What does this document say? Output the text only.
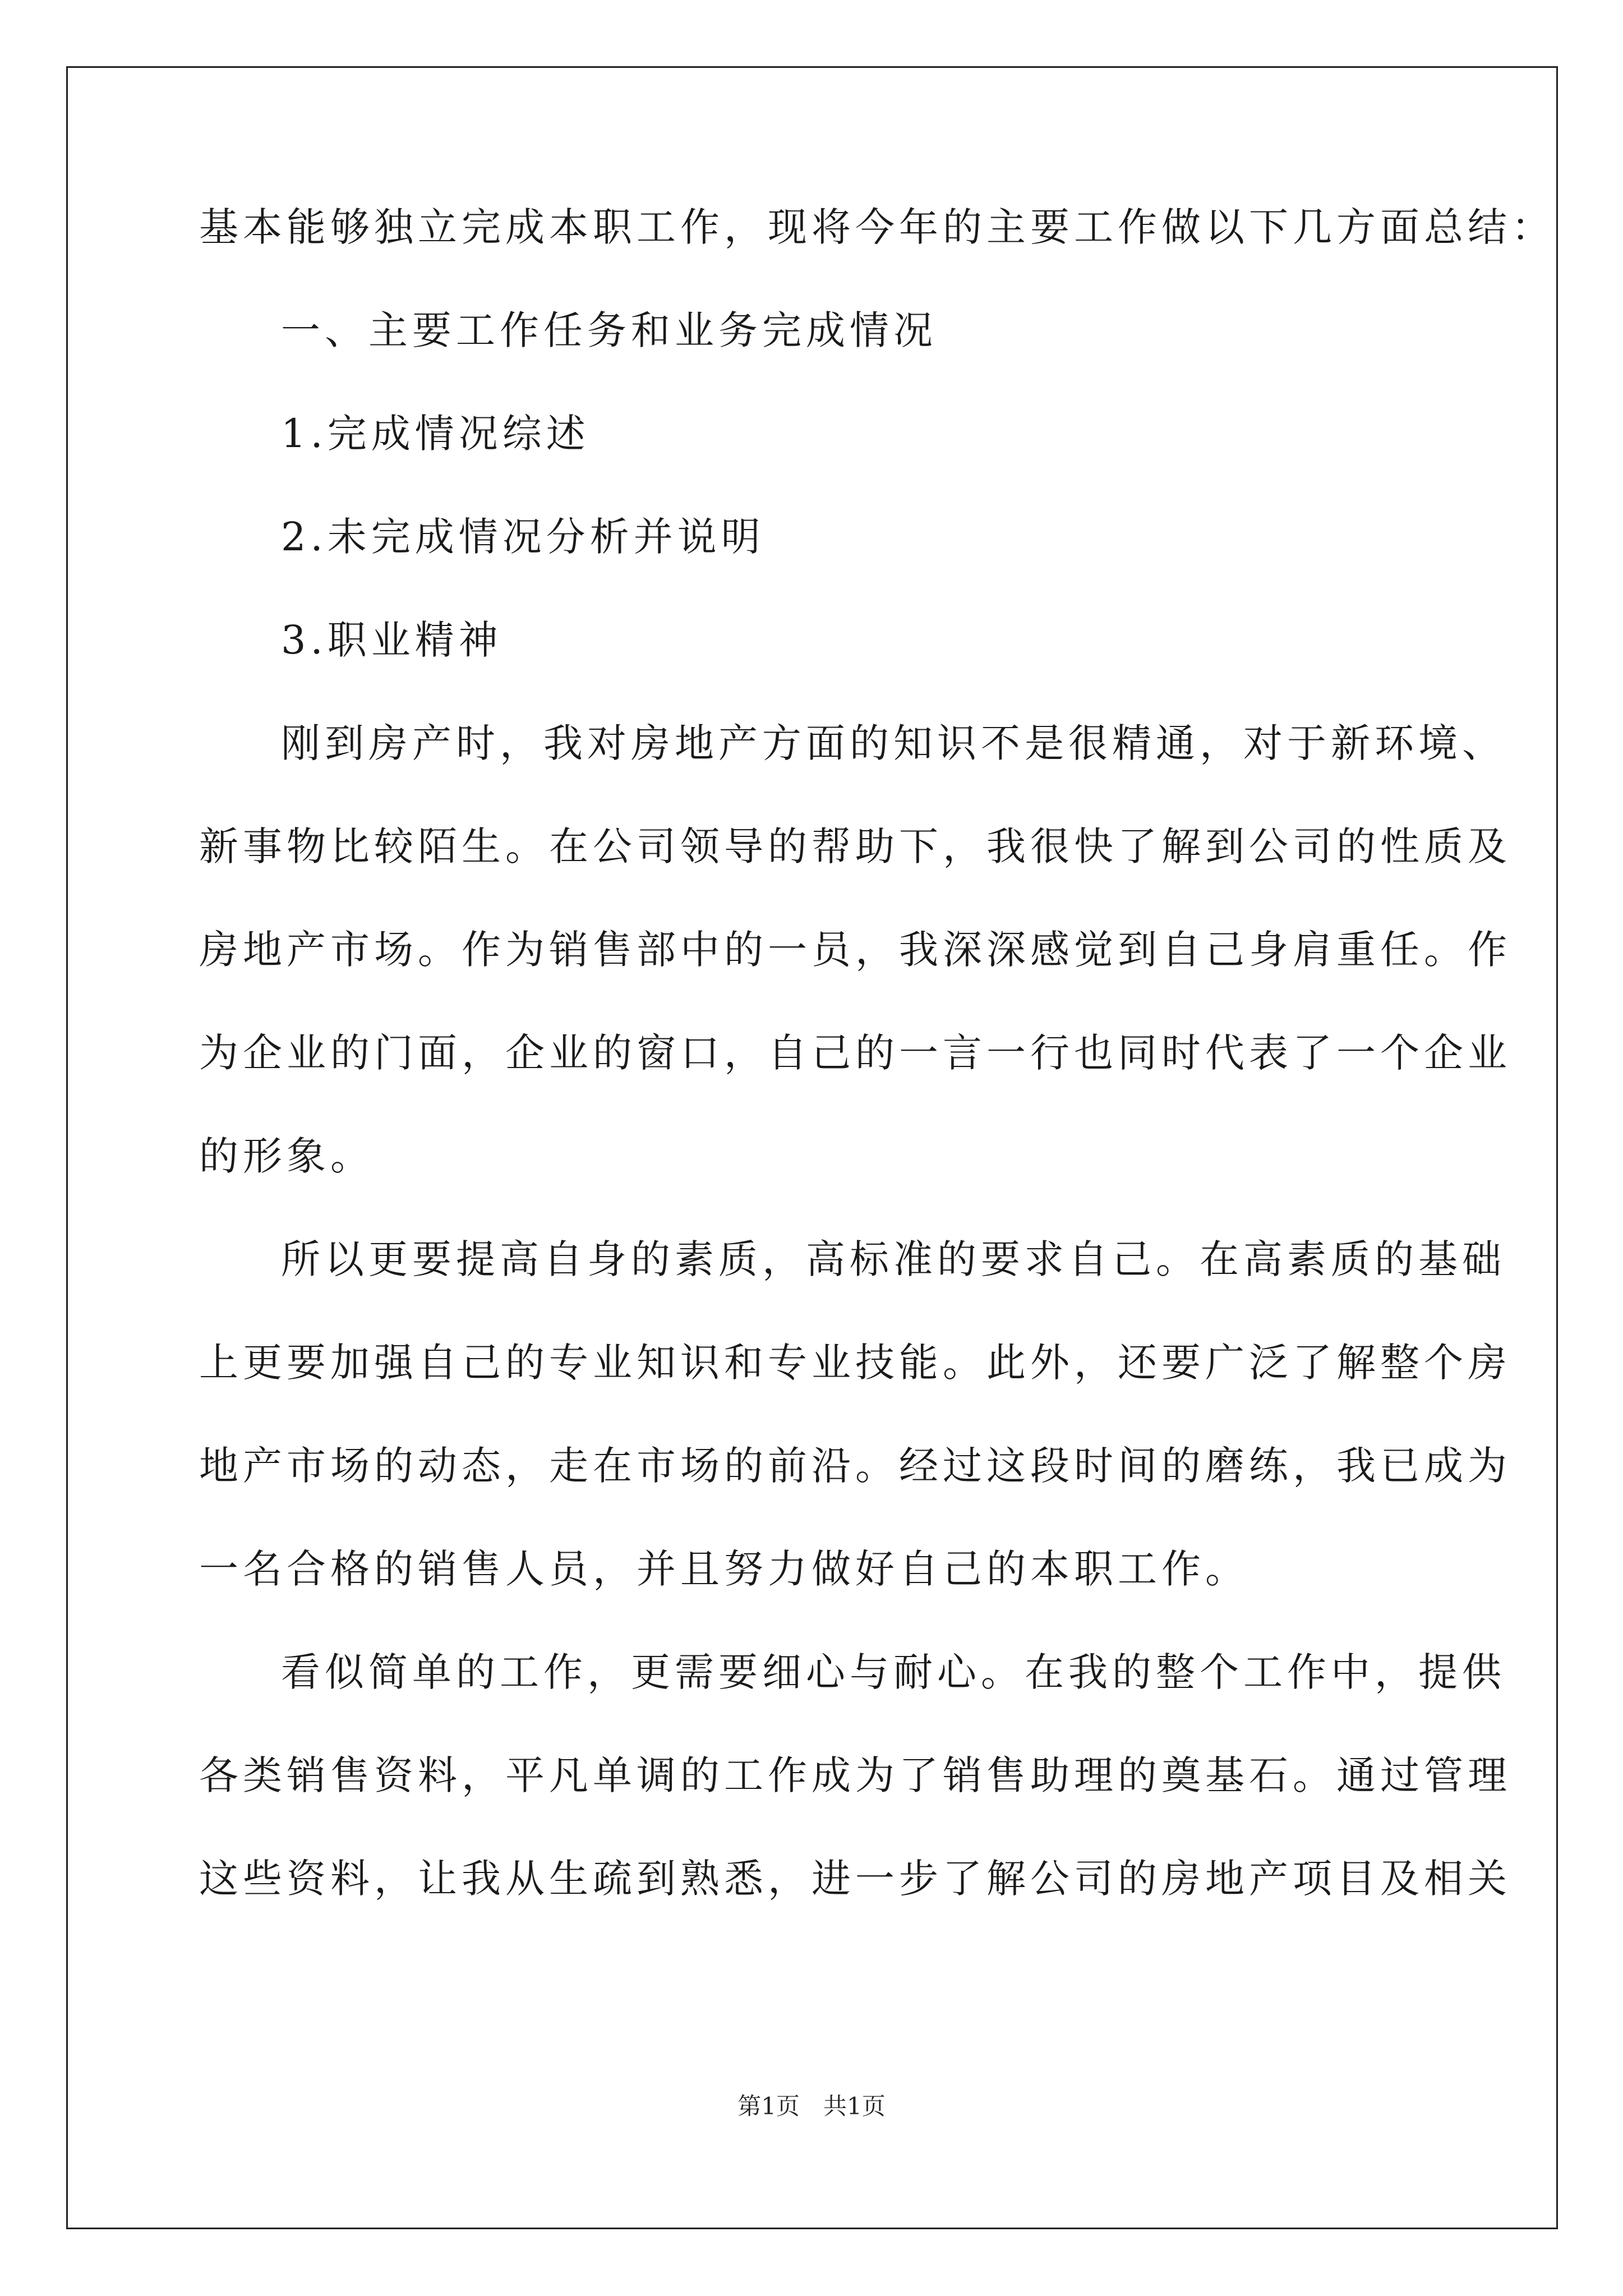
基本能够独立完成本职工作，现将今年的主要工作做以下几方面总结：
一、主要工作任务和业务完成情况
1.完成情况综述
2.未完成情况分析并说明
3.职业精神
刚到房产时，我对房地产方面的知识不是很精通，对于新环境、
新事物比较陌生。在公司领导的帮助下，我很快了解到公司的性质及
房地产市场。作为销售部中的一员，我深深感觉到自己身肩重任。作
为企业的门面，企业的窗口，自己的一言一行也同时代表了一个企业
的形象。
所以更要提高自身的素质，高标准的要求自己。在高素质的基础
上更要加强自己的专业知识和专业技能。此外，还要广泛了解整个房
地产市场的动态，走在市场的前沿。经过这段时间的磨练，我已成为
一名合格的销售人员，并且努力做好自己的本职工作。
看似简单的工作，更需要细心与耐心。在我的整个工作中，提供
各类销售资料，平凡单调的工作成为了销售助理的奠基石。通过管理
这些资料，让我从生疏到熟悉，进一步了解公司的房地产项目及相关
第1页　共1页
